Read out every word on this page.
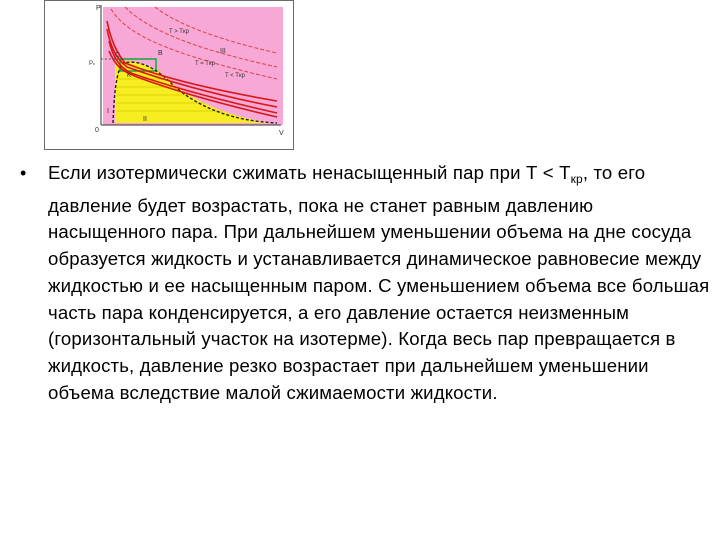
P
V
0
Pₙ
I
II
III
T > Tкр
T = Tкр
T < Tкр
B
C
K
• Если изотермически сжимать ненасыщенный пар при $Т < Т_{кр}$, то его давление будет возрастать, пока не станет равным давлению насыщенного пара. При дальнейшем уменьшении объема на дне сосуда образуется жидкость и устанавливается динамическое равновесие между жидкостью и ее насыщенным паром. С уменьшением объема все большая часть пара конденсируется, а его давление остается неизменным (горизонтальный участок на изотерме). Когда весь пар превращается в жидкость, давление резко возрастает при дальнейшем уменьшении объема вследствие малой сжимаемости жидкости.
